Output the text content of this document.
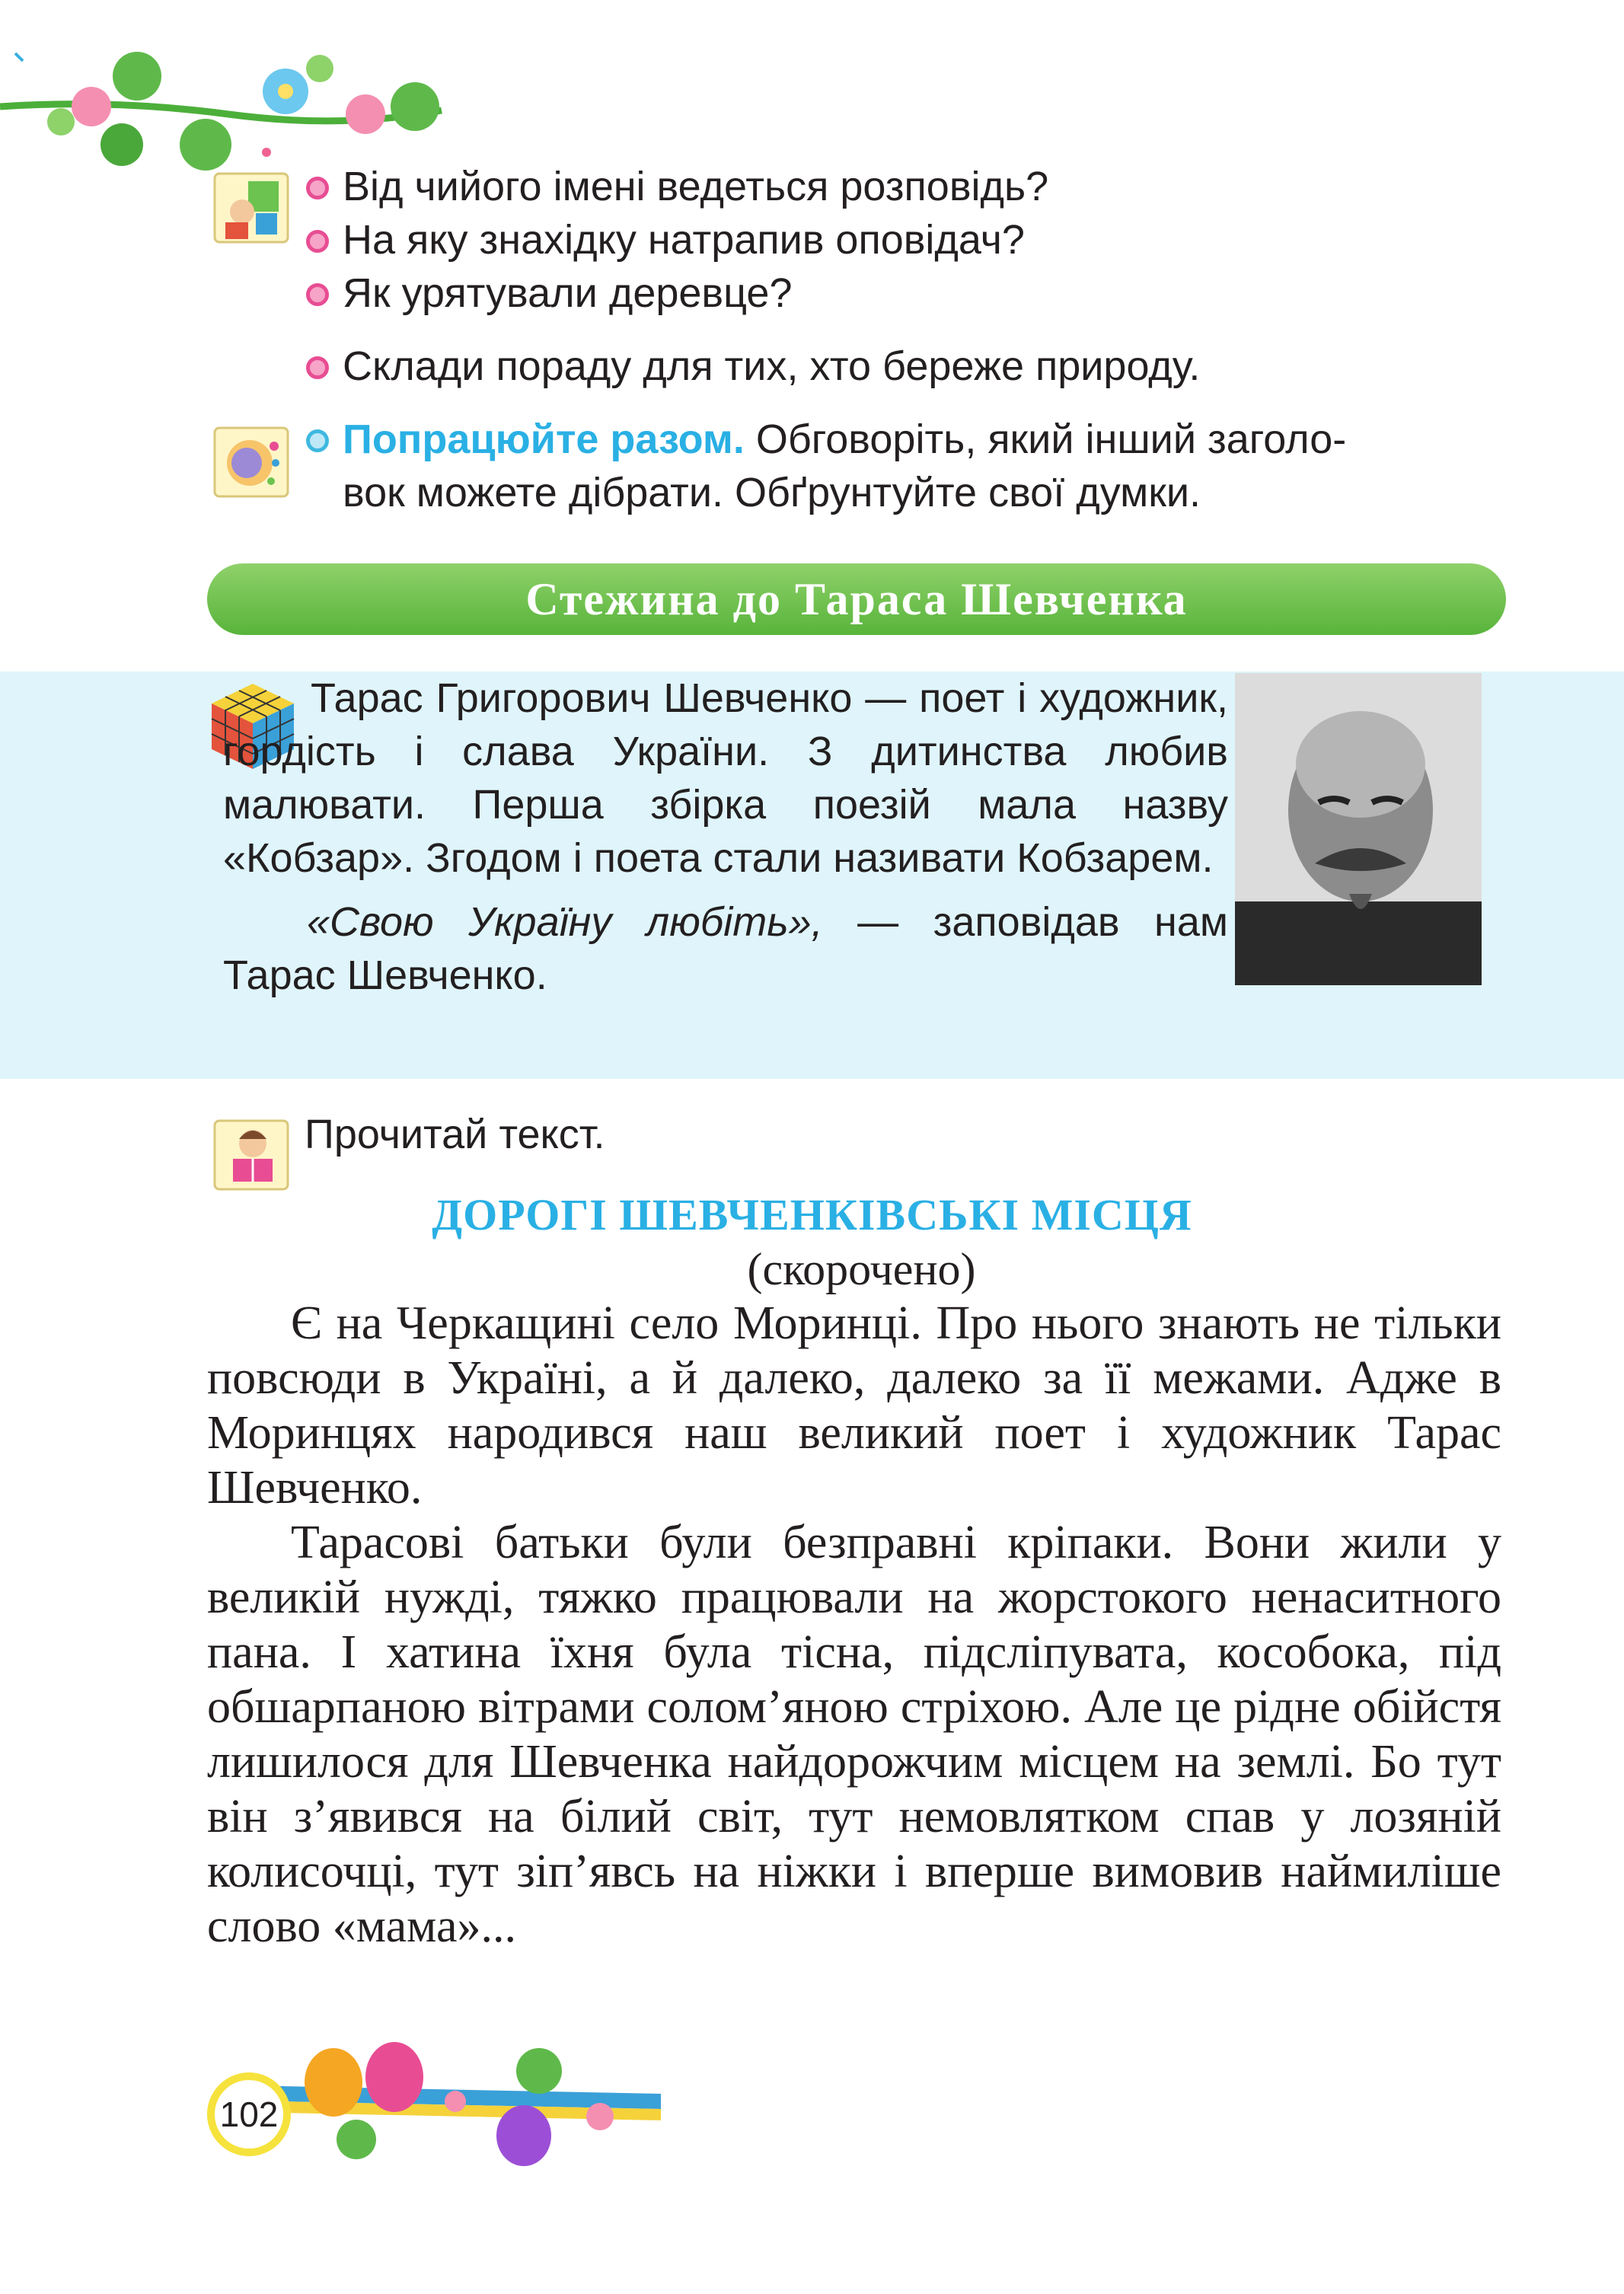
Від чийого імені ведеться розповідь?
На яку знахідку натрапив оповідач?
Як урятували деревце?
Склади пораду для тих, хто береже природу.
Попрацюйте разом. Обговоріть, який інший заголо-
вок можете дібрати. Обґрунтуйте свої думки.
Стежина до Тараса Шевченка

Тарас Григорович Шевченко — поет і художник, гордість і слава України. З дитинства любив малювати. Перша збірка поезій мала назву «Кобзар». Згодом і поета стали називати Кобзарем.

«Свою Україну любіть», — заповідав нам Тарас Шевченко.

Прочитай текст.
ДОРОГІ ШЕВЧЕНКІВСЬКІ МІСЦЯ
(скорочено)

Є на Черкащині село Моринці. Про нього знають не тільки повсюди в Україні, а й далеко, далеко за її межами. Адже в Моринцях народився наш великий поет і художник Тарас Шевченко.

Тарасові батьки були безправні кріпаки. Вони жили у великій нужді, тяжко працювали на жорстокого ненаситного пана. І хатина їхня була тісна, підсліпувата, кособока, під обшарпаною вітрами солом’яною стріхою. Але це рідне обійстя лишилося для Шевченка найдорожчим місцем на землі. Бо тут він з’явився на білий світ, тут немовлятком спав у лозяній колисочці, тут зіп’явсь на ніжки і вперше вимовив наймиліше слово «мама»...

102
